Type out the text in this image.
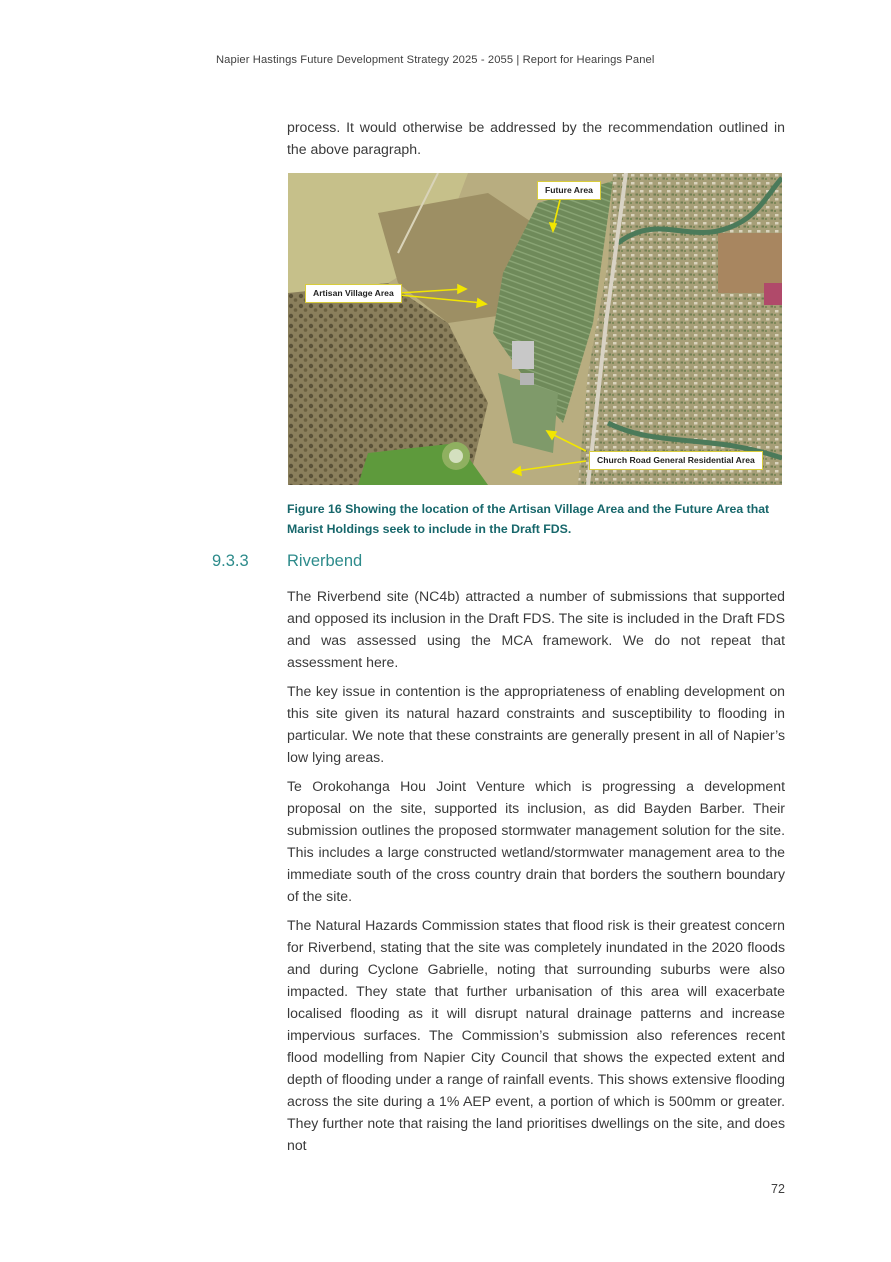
Napier Hastings Future Development Strategy 2025 - 2055 | Report for Hearings Panel
process. It would otherwise be addressed by the recommendation outlined in the above paragraph.
Future Area
Artisan Village Area
Church Road General Residential Area
Figure 16 Showing the location of the Artisan Village Area and the Future Area that Marist Holdings seek to include in the Draft FDS.
9.3.3 Riverbend

The Riverbend site (NC4b) attracted a number of submissions that supported and opposed its inclusion in the Draft FDS. The site is included in the Draft FDS and was assessed using the MCA framework. We do not repeat that assessment here.

The key issue in contention is the appropriateness of enabling development on this site given its natural hazard constraints and susceptibility to flooding in particular. We note that these constraints are generally present in all of Napier’s low lying areas.

Te Orokohanga Hou Joint Venture which is progressing a development proposal on the site, supported its inclusion, as did Bayden Barber. Their submission outlines the proposed stormwater management solution for the site. This includes a large constructed wetland/stormwater management area to the immediate south of the cross country drain that borders the southern boundary of the site.

The Natural Hazards Commission states that flood risk is their greatest concern for Riverbend, stating that the site was completely inundated in the 2020 floods and during Cyclone Gabrielle, noting that surrounding suburbs were also impacted. They state that further urbanisation of this area will exacerbate localised flooding as it will disrupt natural drainage patterns and increase impervious surfaces. The Commission’s submission also references recent flood modelling from Napier City Council that shows the expected extent and depth of flooding under a range of rainfall events. This shows extensive flooding across the site during a 1% AEP event, a portion of which is 500mm or greater. They further note that raising the land prioritises dwellings on the site, and does not

72
